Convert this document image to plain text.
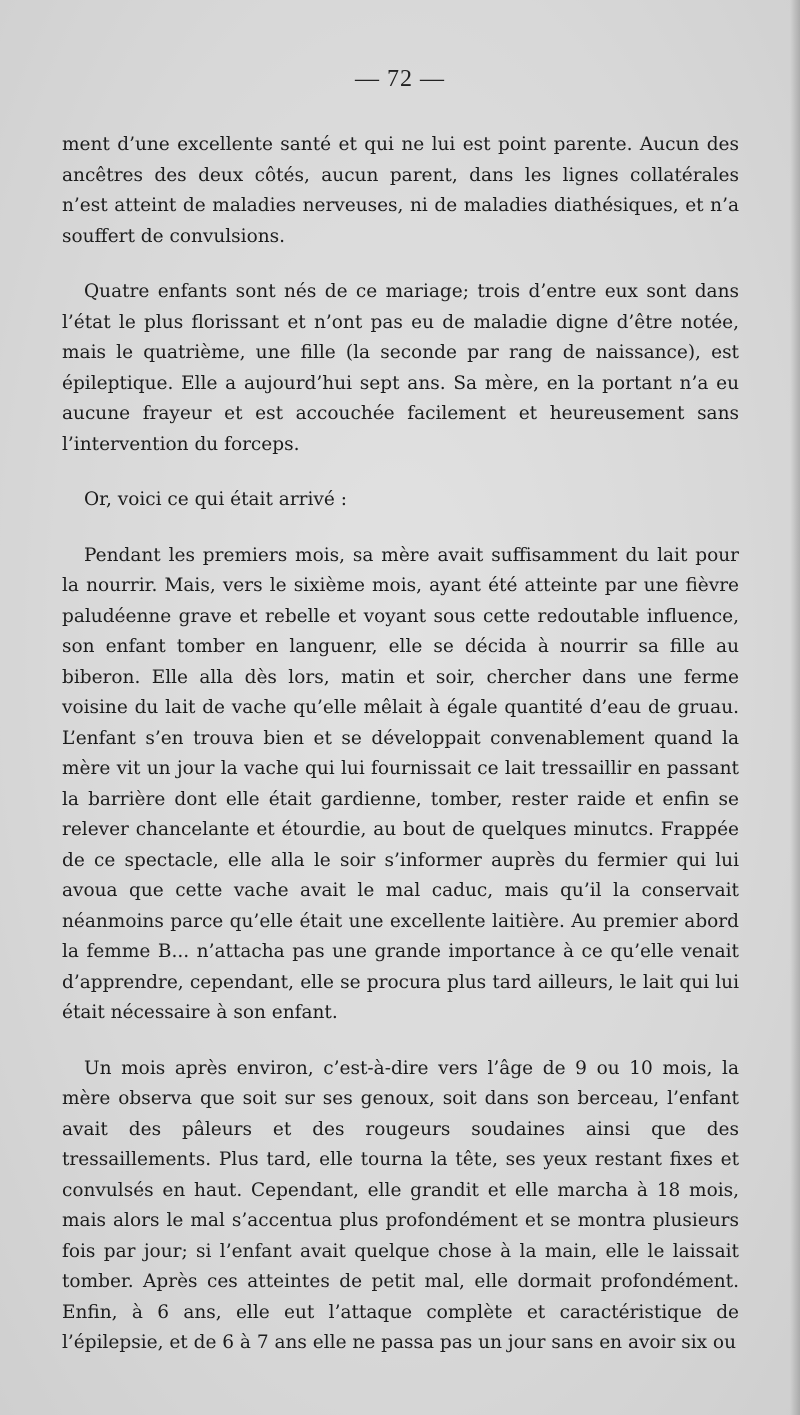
— 72 —

ment d’une excellente santé et qui ne lui est point parente. Aucun des ancêtres des deux côtés, aucun parent, dans les lignes collatérales n’est atteint de maladies nerveuses, ni de maladies diathésiques, et n’a souffert de convulsions.

Quatre enfants sont nés de ce mariage; trois d’entre eux sont dans l’état le plus florissant et n’ont pas eu de maladie digne d’être notée, mais le quatrième, une fille (la seconde par rang de naissance), est épileptique. Elle a aujourd’hui sept ans. Sa mère, en la portant n’a eu aucune frayeur et est accouchée facilement et heureusement sans l’intervention du forceps.

Or, voici ce qui était arrivé :

Pendant les premiers mois, sa mère avait suffisamment du lait pour la nourrir. Mais, vers le sixième mois, ayant été atteinte par une fièvre paludéenne grave et rebelle et voyant sous cette redoutable influence, son enfant tomber en languenr, elle se décida à nourrir sa fille au biberon. Elle alla dès lors, matin et soir, chercher dans une ferme voisine du lait de vache qu’elle mêlait à égale quantité d’eau de gruau. L’enfant s’en trouva bien et se développait convenablement quand la mère vit un jour la vache qui lui fournissait ce lait tressaillir en passant la barrière dont elle était gardienne, tomber, rester raide et enfin se relever chancelante et étourdie, au bout de quelques minutcs. Frappée de ce spectacle, elle alla le soir s’informer auprès du fermier qui lui avoua que cette vache avait le mal caduc, mais qu’il la conservait néanmoins parce qu’elle était une excellente laitière. Au premier abord la femme B... n’attacha pas une grande importance à ce qu’elle venait d’apprendre, cependant, elle se procura plus tard ailleurs, le lait qui lui était nécessaire à son enfant.

Un mois après environ, c’est-à-dire vers l’âge de 9 ou 10 mois, la mère observa que soit sur ses genoux, soit dans son berceau, l’enfant avait des pâleurs et des rougeurs soudaines ainsi que des tressaillements. Plus tard, elle tourna la tête, ses yeux restant fixes et convulsés en haut. Cependant, elle grandit et elle marcha à 18 mois, mais alors le mal s’accentua plus profondément et se montra plusieurs fois par jour; si l’enfant avait quelque chose à la main, elle le laissait tomber. Après ces atteintes de petit mal, elle dormait profondément. Enfin, à 6 ans, elle eut l’attaque complète et caractéristique de l’épilepsie, et de 6 à 7 ans elle ne passa pas un jour sans en avoir six ou
